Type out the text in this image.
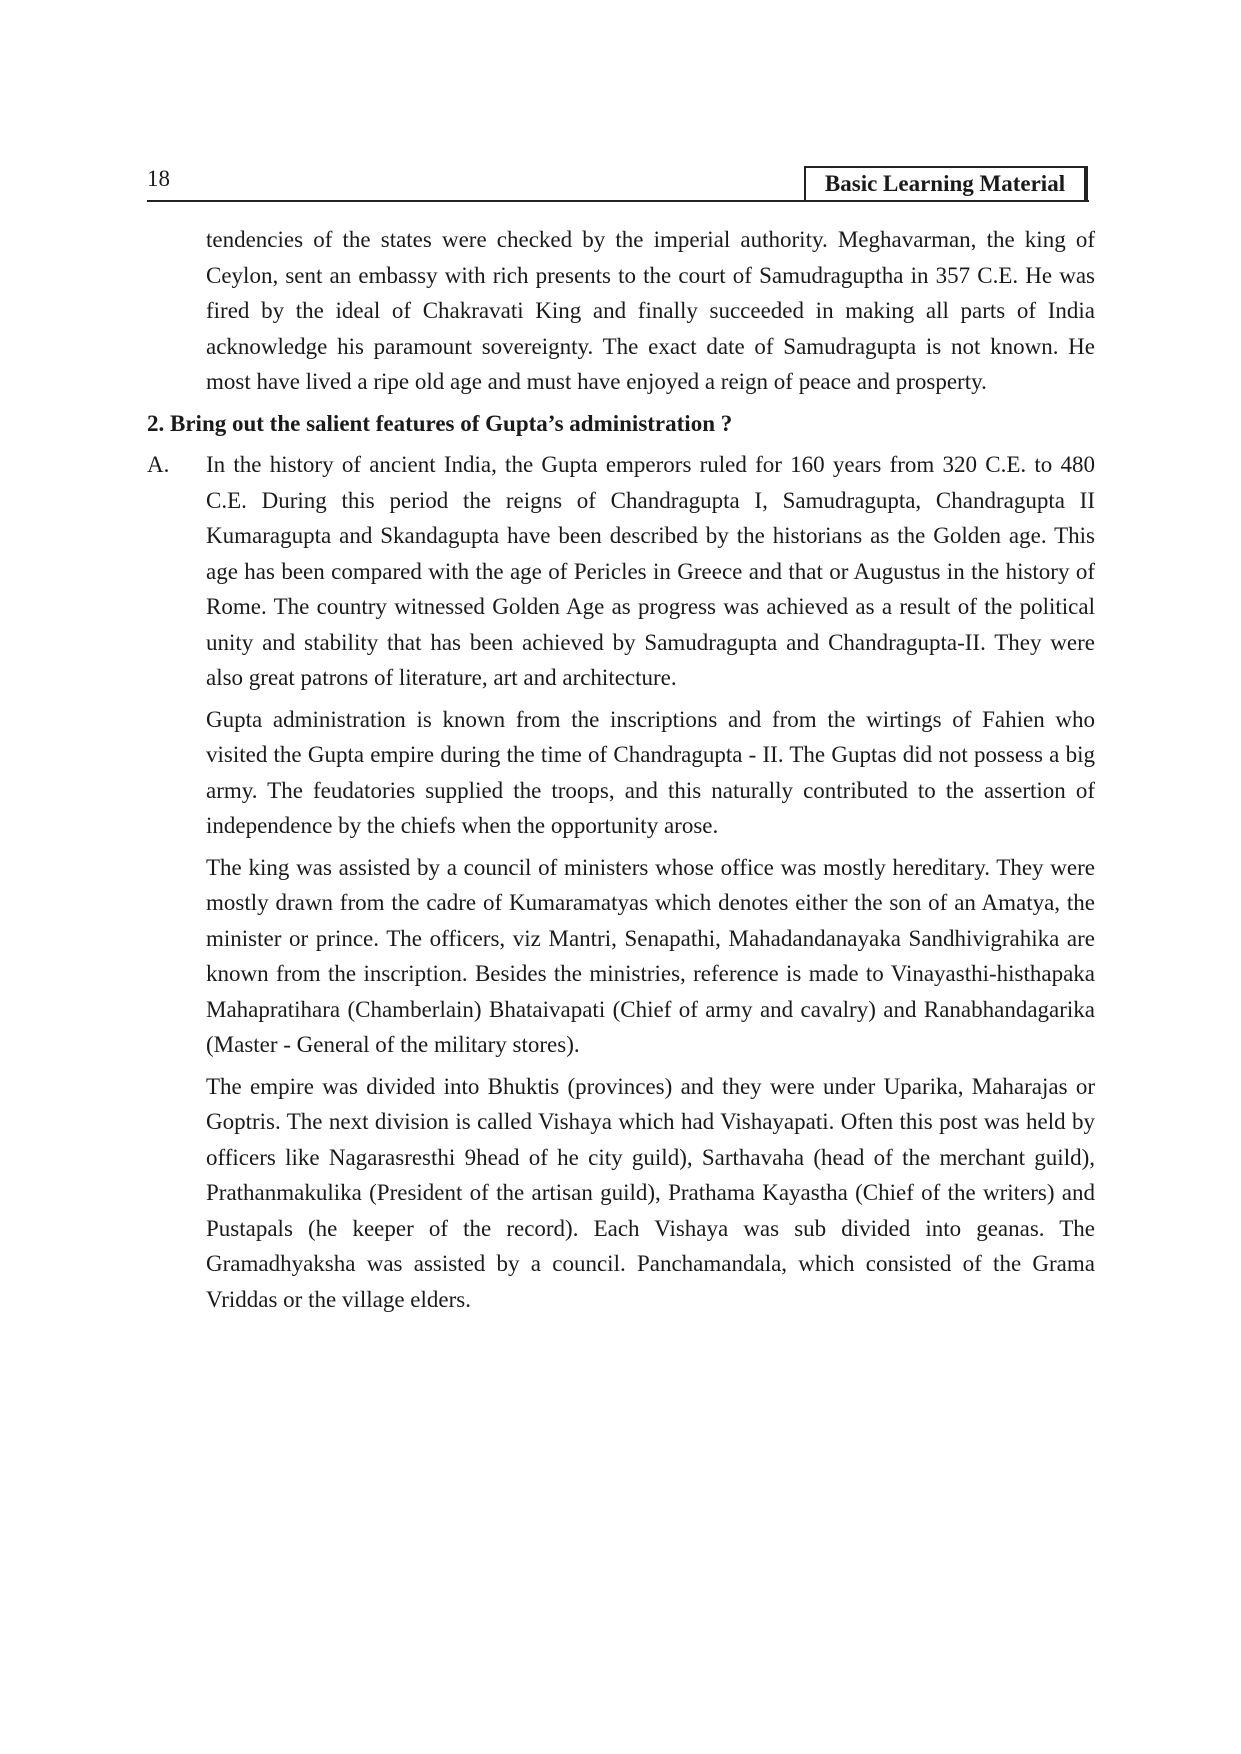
18	Basic Learning Material

tendencies of the states were checked by the imperial authority. Meghavarman, the king of Ceylon, sent an embassy with rich presents to the court of Samudraguptha in 357 C.E. He was fired by the ideal of Chakravati King and finally succeeded in making all parts of India acknowledge his paramount sovereignty. The exact date of Samudragupta is not known. He most have lived a ripe old age and must have enjoyed a reign of peace and prosperty.

2. Bring out the salient features of Gupta’s administration ?

A.	In the history of ancient India, the Gupta emperors ruled for 160 years from 320 C.E. to 480 C.E. During this period the reigns of Chandragupta I, Samudragupta, Chandragupta II Kumaragupta and Skandagupta have been described by the historians as the Golden age. This age has been compared with the age of Pericles in Greece and that or Augustus in the history of Rome. The country witnessed Golden Age as progress was achieved as a result of the political unity and stability that has been achieved by Samudragupta and Chandragupta-II. They were also great patrons of literature, art and architecture.

Gupta administration is known from the inscriptions and from the wirtings of Fahien who visited the Gupta empire during the time of Chandragupta - II. The Guptas did not possess a big army. The feudatories supplied the troops, and this naturally contributed to the assertion of independence by the chiefs when the opportunity arose.

The king was assisted by a council of ministers whose office was mostly hereditary. They were mostly drawn from the cadre of Kumaramatyas which denotes either the son of an Amatya, the minister or prince. The officers, viz Mantri, Senapathi, Mahadandanayaka Sandhivigrahika are known from the inscription. Besides the ministries, reference is made to Vinayasthi-histhapaka Mahapratihara (Chamberlain) Bhataivapati (Chief of army and cavalry) and Ranabhandagarika (Master - General of the military stores).

The empire was divided into Bhuktis (provinces) and they were under Uparika, Maharajas or Goptris. The next division is called Vishaya which had Vishayapati. Often this post was held by officers like Nagarasresthi 9head of he city guild), Sarthavaha (head of the merchant guild), Prathanmakulika (President of the artisan guild), Prathama Kayastha (Chief of the writers) and Pustapals (he keeper of the record). Each Vishaya was sub divided into geanas. The Gramadhyaksha was assisted by a council. Panchamandala, which consisted of the Grama Vriddas or the village elders.
